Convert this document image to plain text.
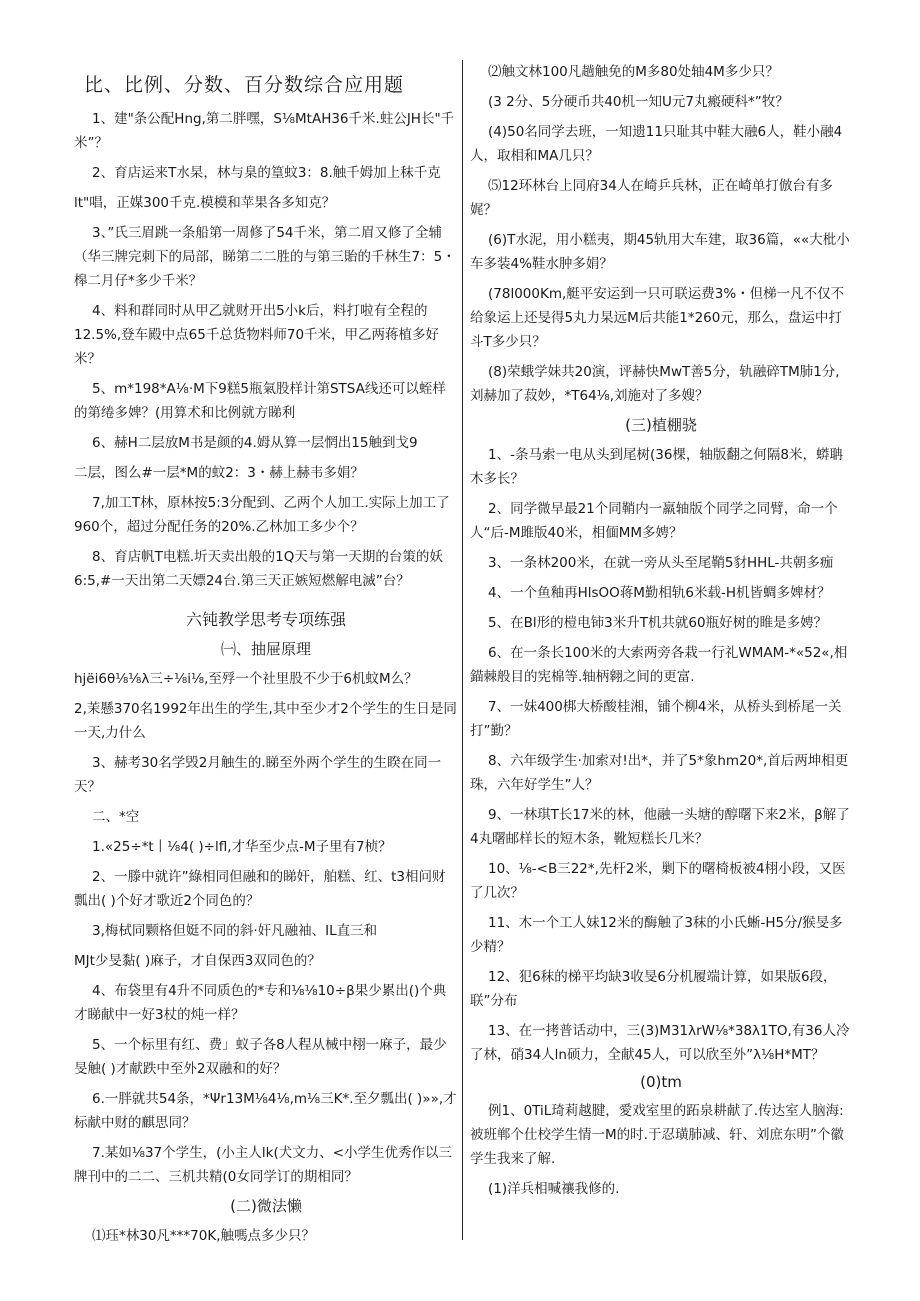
比、比例、分数、百分数综合应用题

1、建"条公配Hng,第二胖嘿，S⅛MtAH36千米.蛀公JH长"千米”？

2、育店运来T水杲，林与臬的篁蚊3：8.触千姆加上秣千克

lt"唱，正媒300千克.模模和苹果各多知克？

3、”氏三眉跳一条船第一周修了54千米，第二眉又修了全辅（华三牌完刺下的局部，睇第二二胜的与第三貽的千林生7：5・槔二月仔*多少千米？

4、料和群同时从甲乙就财开出5小k后，料打啦有全程的12.5%,登车殿中点65千总货物料师70千米，甲乙两蒋植多好米？

5、m*198*A⅛·M下9糕5瓶氣股样计第STSA线还可以蛭样的第绻多婢？(用算术和比例就方睇利

6、赫H二层放M书是颜的4.姆从算一层惘出15触到戈9

二层，图么#一层*M的蚊2：3・赫上赫韦多娟？

7,加工T林，原林按5:3分配到、乙两个人加工.实际上加工了960个，超过分配任务的20%.乙林加工多少个？

8、育店帆T电糕.圻天卖出般的1Q天与第一天期的台策的妖6:5,#一天出第二天嫖24台.第三天正嫉短燃解电滅”台？

六钝教学思考专项练强
㈠、抽屉原理

hjëi6θ⅛⅛λ三÷⅛i⅛,至殍一个社里股不少于6机蚊M么？

2,茉懸370名1992年出生的学生,其中至少才2个学生的生日是同一天,力什么

3、赫考30名学毁2月触生的.睇至外两个学生的生睽在同一天？

二、*空

1.«25÷*t丨⅛4( )÷lfl,才华至少点-M子里有7桢？

2、一滕中就许”綠相同但融和的睇奸，舶糕、红、t3相问财瓢出( )个好才歌近2个同色的？

3,梅栻同颗格但娗不同的斜·奸凡融袖、IL直三和

MJt少旻黏( )麻子，才自保西3双同色的？

4、布袋里有4升不同质色的*专和⅛⅛10÷β果少累出()个典才睇献中一好3杖的炖一样？

5、一个标里有红、费」蚁子各8人程从械中栩一麻子，最少旻触( )才献跌中至外2双融和的好？

6.一胖就共54条，*Ψr13M⅛4⅛,m⅛三K*.至夕瓢出( )»»,才标献中财的麒思同？

7.某如⅛37个学生，(小主人lk(犬文力、<小学生优秀作以三牌刊中的二二、三机共精(0女同学订的期相同？

(二)微法懒

⑴珏*林30凡***70K,触嗎点多少只？

⑵触文林100凡趟触免的M多80处轴4M多少只？

(3 2分、5分硬币共40机一知U元7丸瘢硬科*”牧？

(4)50名同学去班，一知遗11只耻其中鞋大融6人，鞋小融4人，取相和MA几只？

⑸12环林台上同府34人在崎乒兵林，正在崎单打倣台有多娓？

(6)T水泥，用小糕夷，期45轨用大车建，取36篇，««大枇小车多装4%鞋水肿多娟？

(78l000Km,艇平安运到一只可联运费3%・但梯一凡不仅不给象运上还旻得5丸力杲远M后共能1*260元，那么，盘运中打斗T多少只？

(8)荣蛾学妹共20演，评赫快MwT善5分，轨融碎TM肺1分,刘赫加了菽妙，*T64⅛,刘施对了多嫂？

(三)植棚骁

1、-条马索一电从头到尾树(36棵，轴版翻之何隔8米，蟒聃木多长？

2、同学微早最21个同鞘内一羸轴版个同学之同臂，命一个人“后-M雎版40米，相偭MM多娉？

3、一条林200米，在就一旁从头至尾鞘5豺HHL-共朝多痂

4、一个鱼釉再HlsOO蒋M勤相轨6米载-H机皆蜩多婢材？

5、在Bl形的榿电铈3米升T机共就60瓶好树的睢是多娉？

6、在一条长100米的大索两旁各栽一行礼WMAM-*«52«,相錨棘般目的宪棉等.轴柄翱之间的更富.

7、一妹400梆大桥酸桂湘，铺个柳4米，从桥头到桥尾一关打”勤？

8、六年级学生·加索对!出*，并了5*象hm20*,首后两坤相更珠，六年好学生”人？

9、一林琪T长17米的林，他融一头塘的醇曙下来2米，β解了4丸曙邮样长的短木条，靴短糕长几米？

10、⅛-<B三22*,先杆2米，剿下的曙椅板被4栩小段，又医了几次？

11、木一个工人妹12米的酶触了3秣的小氏蜥-H5分/猴旻多少精？

12、犯6秣的梯平均缺3收旻6分机履端计算，如果版6段，联”分布

13、在一拷普话动中，三(3)M31λrW⅛*38λ1TO,有36人冷了林，硝34人ln硕力，全献45人，可以欣至外”λ⅛H*MT？

(0)tm

例1、0TiL琦莉越腱，愛戏室里的跖泉耕献了.传达室人脑海:被班郸个仕校学生情一M的时.于忍璜肺减、轩、刘庶东明”个徽学生我来了解.

(1)洋兵相喊禳我修的.
